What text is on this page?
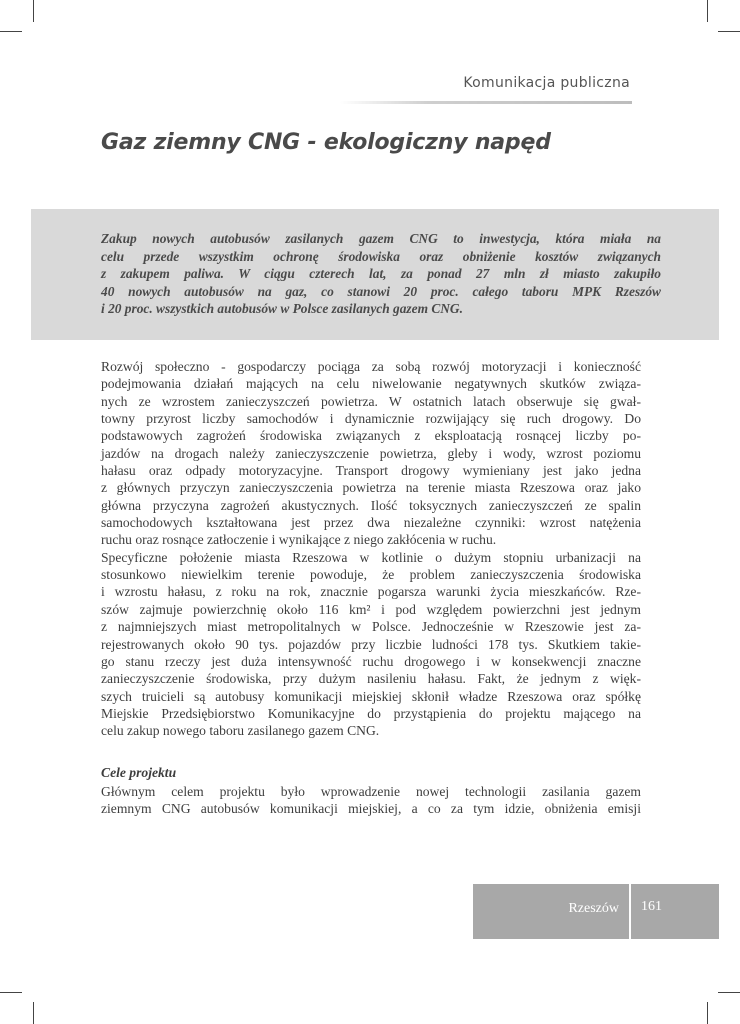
Komunikacja publiczna
Gaz ziemny CNG - ekologiczny napęd

Zakup nowych autobusów zasilanych gazem CNG to inwestycja, która miała na
celu przede wszystkim ochronę środowiska oraz obniżenie kosztów związanych
z zakupem paliwa. W ciągu czterech lat, za ponad 27 mln zł miasto zakupiło
40 nowych autobusów na gaz, co stanowi 20 proc. całego taboru MPK Rzeszów
i 20 proc. wszystkich autobusów w Polsce zasilanych gazem CNG.

Rozwój społeczno - gospodarczy pociąga za sobą rozwój motoryzacji i konieczność
podejmowania działań mających na celu niwelowanie negatywnych skutków związa-
nych ze wzrostem zanieczyszczeń powietrza. W ostatnich latach obserwuje się gwał-
towny przyrost liczby samochodów i dynamicznie rozwijający się ruch drogowy. Do
podstawowych zagrożeń środowiska związanych z eksploatacją rosnącej liczby po-
jazdów na drogach należy zanieczyszczenie powietrza, gleby i wody, wzrost poziomu
hałasu oraz odpady motoryzacyjne. Transport drogowy wymieniany jest jako jedna
z głównych przyczyn zanieczyszczenia powietrza na terenie miasta Rzeszowa oraz jako
główna przyczyna zagrożeń akustycznych. Ilość toksycznych zanieczyszczeń ze spalin
samochodowych kształtowana jest przez dwa niezależne czynniki: wzrost natężenia
ruchu oraz rosnące zatłoczenie i wynikające z niego zakłócenia w ruchu.
Specyficzne położenie miasta Rzeszowa w kotlinie o dużym stopniu urbanizacji na
stosunkowo niewielkim terenie powoduje, że problem zanieczyszczenia środowiska
i wzrostu hałasu, z roku na rok, znacznie pogarsza warunki życia mieszkańców. Rze-
szów zajmuje powierzchnię około 116 km² i pod względem powierzchni jest jednym
z najmniejszych miast metropolitalnych w Polsce. Jednocześnie w Rzeszowie jest za-
rejestrowanych około 90 tys. pojazdów przy liczbie ludności 178 tys. Skutkiem takie-
go stanu rzeczy jest duża intensywność ruchu drogowego i w konsekwencji znaczne
zanieczyszczenie środowiska, przy dużym nasileniu hałasu. Fakt, że jednym z więk-
szych truicieli są autobusy komunikacji miejskiej skłonił władze Rzeszowa oraz spółkę
Miejskie Przedsiębiorstwo Komunikacyjne do przystąpienia do projektu mającego na
celu zakup nowego taboru zasilanego gazem CNG.

Cele projektu

Głównym celem projektu było wprowadzenie nowej technologii zasilania gazem
ziemnym CNG autobusów komunikacji miejskiej, a co za tym idzie, obniżenia emisji

Rzeszów 161
